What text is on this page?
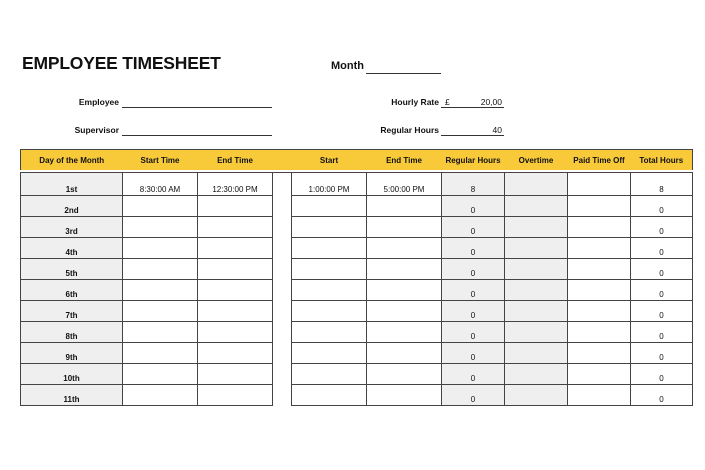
EMPLOYEE TIMESHEET	Month
Employee
Supervisor
Hourly Rate £	20,00
Regular Hours	40
Day of the Month	Start Time	End Time		Start	End Time	Regular Hours	Overtime	Paid Time Off	Total Hours
1st	8:30:00 AM	12:30:00 PM		1:00:00 PM	5:00:00 PM	8			8
2nd						0			0
3rd						0			0
4th						0			0
5th						0			0
6th						0			0
7th						0			0
8th						0			0
9th						0			0
10th						0			0
11th						0			0
